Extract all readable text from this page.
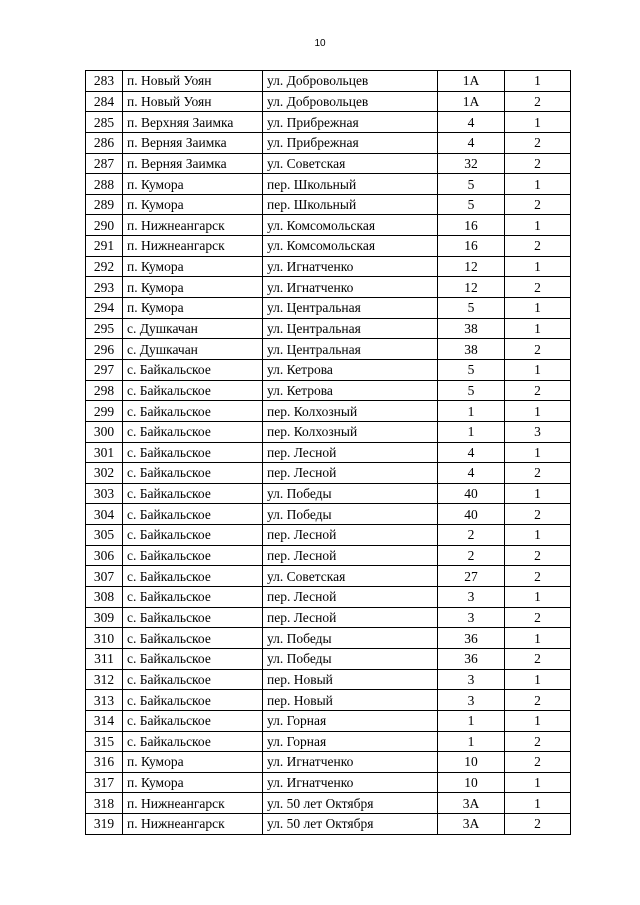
10
283	п. Новый Уоян	ул. Добровольцев	1А	1
284	п. Новый Уоян	ул. Добровольцев	1А	2
285	п. Верхняя Заимка	ул. Прибрежная	4	1
286	п. Верняя Заимка	ул. Прибрежная	4	2
287	п. Верняя Заимка	ул. Советская	32	2
288	п. Кумора	пер. Школьный	5	1
289	п. Кумора	пер. Школьный	5	2
290	п. Нижнеангарск	ул. Комсомольская	16	1
291	п. Нижнеангарск	ул. Комсомольская	16	2
292	п. Кумора	ул. Игнатченко	12	1
293	п. Кумора	ул. Игнатченко	12	2
294	п. Кумора	ул. Центральная	5	1
295	с. Душкачан	ул. Центральная	38	1
296	с. Душкачан	ул. Центральная	38	2
297	с. Байкальское	ул. Кетрова	5	1
298	с. Байкальское	ул. Кетрова	5	2
299	с. Байкальское	пер. Колхозный	1	1
300	с. Байкальское	пер. Колхозный	1	3
301	с. Байкальское	пер. Лесной	4	1
302	с. Байкальское	пер. Лесной	4	2
303	с. Байкальское	ул. Победы	40	1
304	с. Байкальское	ул. Победы	40	2
305	с. Байкальское	пер. Лесной	2	1
306	с. Байкальское	пер. Лесной	2	2
307	с. Байкальское	ул. Советская	27	2
308	с. Байкальское	пер. Лесной	3	1
309	с. Байкальское	пер. Лесной	3	2
310	с. Байкальское	ул. Победы	36	1
311	с. Байкальское	ул. Победы	36	2
312	с. Байкальское	пер. Новый	3	1
313	с. Байкальское	пер. Новый	3	2
314	с. Байкальское	ул. Горная	1	1
315	с. Байкальское	ул. Горная	1	2
316	п. Кумора	ул. Игнатченко	10	2
317	п. Кумора	ул. Игнатченко	10	1
318	п. Нижнеангарск	ул. 50 лет Октября	3А	1
319	п. Нижнеангарск	ул. 50 лет Октября	3А	2
